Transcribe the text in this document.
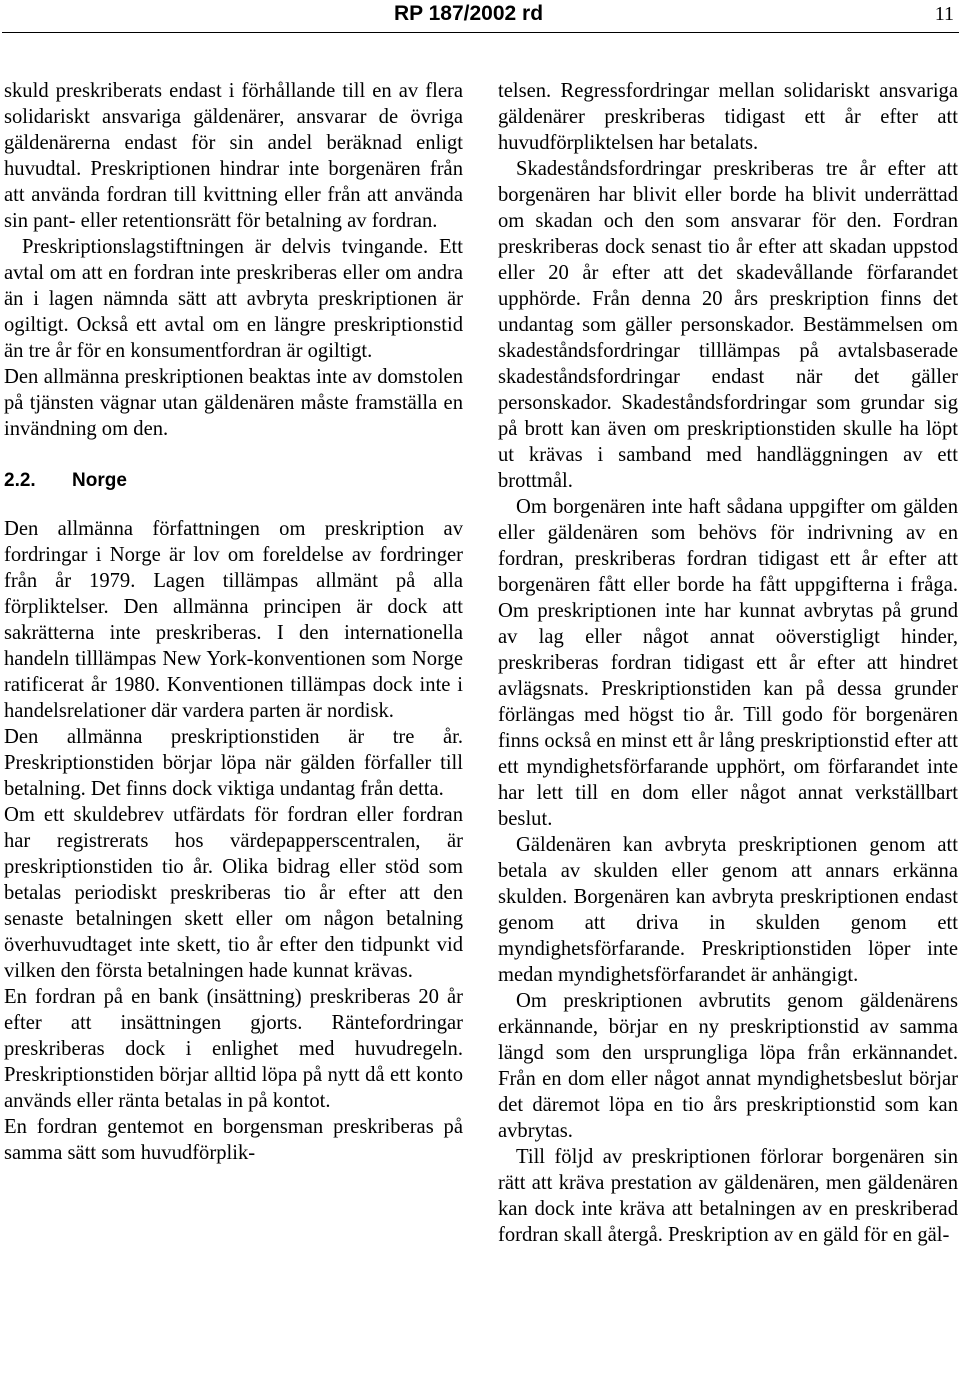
RP 187/2002 rd	11

skuld preskriberats endast i förhållande till en av flera solidariskt ansvariga gäldenärer, ansvarar de övriga gäldenärerna endast för sin andel beräknad enligt huvudtal. Preskriptionen hindrar inte borgenären från att använda fordran till kvittning eller från att använda sin pant- eller retentionsrätt för betalning av fordran.

Preskriptionslagstiftningen är delvis tvingande. Ett avtal om att en fordran inte preskriberas eller om andra än i lagen nämnda sätt att avbryta preskriptionen är ogiltigt. Också ett avtal om en längre preskriptionstid än tre år för en konsumentfordran är ogiltigt.

Den allmänna preskriptionen beaktas inte av domstolen på tjänsten vägnar utan gäldenären måste framställa en invändning om den.

2.2. Norge

Den allmänna författningen om preskription av fordringar i Norge är lov om foreldelse av fordringer från år 1979. Lagen tillämpas allmänt på alla förpliktelser. Den allmänna principen är dock att sakrätterna inte preskriberas. I den internationella handeln tilllämpas New York-konventionen som Norge ratificerat år 1980. Konventionen tillämpas dock inte i handelsrelationer där vardera parten är nordisk.

Den allmänna preskriptionstiden är tre år. Preskriptionstiden börjar löpa när gälden förfaller till betalning. Det finns dock viktiga undantag från detta.

Om ett skuldebrev utfärdats för fordran eller fordran har registrerats hos värdepapperscentralen, är preskriptionstiden tio år. Olika bidrag eller stöd som betalas periodiskt preskriberas tio år efter att den senaste betalningen skett eller om någon betalning överhuvudtaget inte skett, tio år efter den tidpunkt vid vilken den första betalningen hade kunnat krävas.

En fordran på en bank (insättning) preskriberas 20 år efter att insättningen gjorts. Räntefordringar preskriberas dock i enlighet med huvudregeln. Preskriptionstiden börjar alltid löpa på nytt då ett konto används eller ränta betalas in på kontot.

En fordran gentemot en borgensman preskriberas på samma sätt som huvudförplik-

telsen. Regressfordringar mellan solidariskt ansvariga gäldenärer preskriberas tidigast ett år efter att huvudförpliktelsen har betalats.

Skadeståndsfordringar preskriberas tre år efter att borgenären har blivit eller borde ha blivit underrättad om skadan och den som ansvarar för den. Fordran preskriberas dock senast tio år efter att skadan uppstod eller 20 år efter att det skadevållande förfarandet upphörde. Från denna 20 års preskription finns det undantag som gäller personskador. Bestämmelsen om skadeståndsfordringar tilllämpas på avtalsbaserade skadeståndsfordringar endast när det gäller personskador. Skadeståndsfordringar som grundar sig på brott kan även om preskriptionstiden skulle ha löpt ut krävas i samband med handläggningen av ett brottmål.

Om borgenären inte haft sådana uppgifter om gälden eller gäldenären som behövs för indrivning av en fordran, preskriberas fordran tidigast ett år efter att borgenären fått eller borde ha fått uppgifterna i fråga. Om preskriptionen inte har kunnat avbrytas på grund av lag eller något annat oöverstigligt hinder, preskriberas fordran tidigast ett år efter att hindret avlägsnats. Preskriptionstiden kan på dessa grunder förlängas med högst tio år. Till godo för borgenären finns också en minst ett år lång preskriptionstid efter att ett myndighetsförfarande upphört, om förfarandet inte har lett till en dom eller något annat verkställbart beslut.

Gäldenären kan avbryta preskriptionen genom att betala av skulden eller genom att annars erkänna skulden. Borgenären kan avbryta preskriptionen endast genom att driva in skulden genom ett myndighetsförfarande. Preskriptionstiden löper inte medan myndighetsförfarandet är anhängigt.

Om preskriptionen avbrutits genom gäldenärens erkännande, börjar en ny preskriptionstid av samma längd som den ursprungliga löpa från erkännandet. Från en dom eller något annat myndighetsbeslut börjar det däremot löpa en tio års preskriptionstid som kan avbrytas.

Till följd av preskriptionen förlorar borgenären sin rätt att kräva prestation av gäldenären, men gäldenären kan dock inte kräva att betalningen av en preskriberad fordran skall återgå. Preskription av en gäld för en gäl-
